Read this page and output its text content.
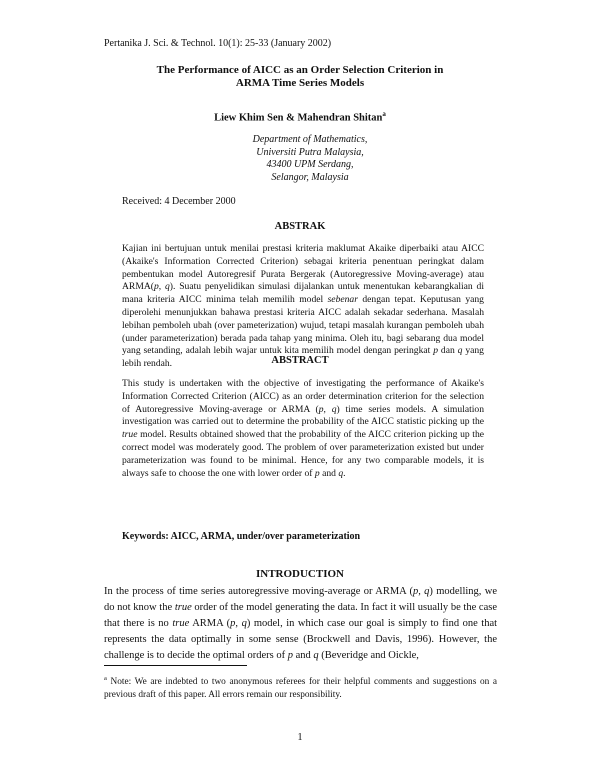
Pertanika J. Sci. & Technol. 10(1): 25-33 (January 2002)
The Performance of AICC as an Order Selection Criterion in
ARMA Time Series Models
Liew Khim Sen & Mahendran Shitan$^a$
Department of Mathematics,
Universiti Putra Malaysia,
43400 UPM Serdang,
Selangor, Malaysia
Received: 4 December 2000
ABSTRAK
Kajian ini bertujuan untuk menilai prestasi kriteria maklumat Akaike diperbaiki atau AICC (Akaike's Information Corrected Criterion) sebagai kriteria penentuan peringkat dalam pembentukan model Autoregresif Purata Bergerak (Autoregressive Moving-average) atau ARMA(p, q). Suatu penyelidikan simulasi dijalankan untuk menentukan kebarangkalian di mana kriteria AICC minima telah memilih model sebenar dengan tepat. Keputusan yang diperolehi menunjukkan bahawa prestasi kriteria AICC adalah sekadar sederhana. Masalah lebihan pemboleh ubah (over pameterization) wujud, tetapi masalah kurangan pemboleh ubah (under parameterization) berada pada tahap yang minima. Oleh itu, bagi sebarang dua model yang setanding, adalah lebih wajar untuk kita memilih model dengan peringkat p dan q yang lebih rendah.	ABSTRACT
This study is undertaken with the objective of investigating the performance of Akaike's Information Corrected Criterion (AICC) as an order determination criterion for the selection of Autoregressive Moving-average or ARMA (p, q) time series models. A simulation investigation was carried out to determine the probability of the AICC statistic picking up the true model. Results obtained showed that the probability of the AICC criterion picking up the correct model was moderately good. The problem of over parameterization existed but under parameterization was found to be minimal. Hence, for any two comparable models, it is always safe to choose the one with lower order of p and q.
Keywords: AICC, ARMA, under/over parameterization
INTRODUCTION
In the process of time series autoregressive moving-average or ARMA (p, q) modelling, we do not know the true order of the model generating the data. In fact it will usually be the case that there is no true ARMA (p, q) model, in which case our goal is simply to find one that represents the data optimally in some sense (Brockwell and Davis, 1996). However, the challenge is to decide the optimal orders of p and q (Beveridge and Oickle,
$^a$ Note: We are indebted to two anonymous referees for their helpful comments and suggestions on a previous draft of this paper. All errors remain our responsibility.
1
